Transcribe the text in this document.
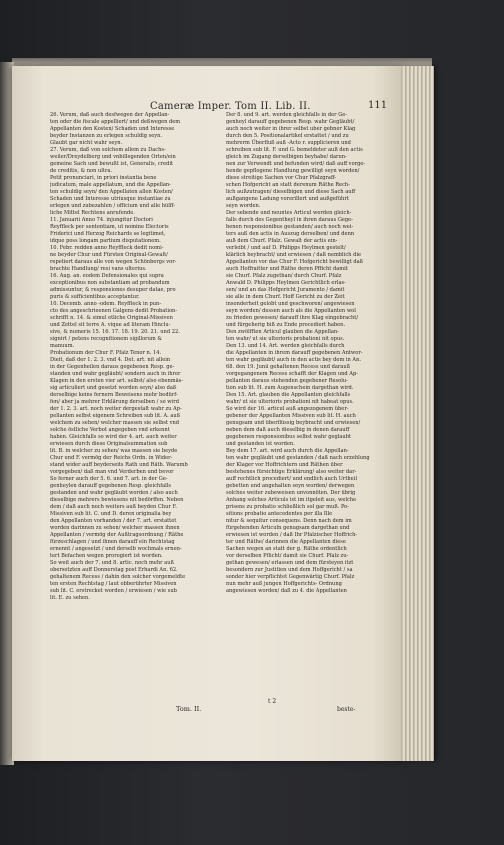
Cameræ Imper. Tom II. Lib. II.	111
26. Verum, daß auch desfwegen der Appellan-
ten oder die fiscale appelliert/ und deßwegen dem
Appellanten den Kosten/ Schaden und Interesse
beyder Instanzen zu erlegen schuldig seyn.
Glaubt gar nicht wahr seyn.
27. Verum, daß von solchem allem zu Dachs-
weiler/Dreydelberg und vnbillegenden Orten/ein
gemeine Sach und bewußt ist, Generalis, credit
de creditis, & non ultra.
Petit pronunciari, in priori instantia bene
judicatum, male appellatum, und die Appellan-
ten schuldig seyn/ den Appellaten allen Kosten/
Schaden und Interesse utriusque instantiae zu
erlegen und zubezahlen / officium und alle hülff-
liche Mittel Rechtens anrufende.
11. Januarii Anno 74. injungitur Doctori
Reyffleck per sententiam, ut nomine Electoris
Friderici und Herzog Reichards se legitimet,
idque poss longam partium disputationem.
10. Febr. redden anno Reyffleck dedit nomi-
ne beyder Chur und Fürsten Original-Gewalt/
repetiert daraus alle von wegen Schönbergs vor-
brachte Handlung/ resi vans ulterius.
16. Aug. an. eodem Defensionales qui supra
exceptionibus non substantiam ad probandum
admissuntur, & responsiones desuper datae, pro
puris & sufficientibus acceptantur.
10. Decemb. anno -odem. Reyffleck in pun-
cto des angeschrieenen Galgens dedit Probation-
schrifft n. 14. & simul etliche Original-Missiven
und Zettel sit terre A. vique ad literam Hinclu-
sive, & numeris 15. 16. 17. 18. 19. 20. 21. und 22.
signirt / petens recognitionem sigillorum &
manuum.
Probationum der Chur F. Pfalz Tenor n. 14.
Dieit, daß der 1. 2. 3. vnd 4. Det. art. nit allein
in der Gegenheilen daraus gegebenen Resp. ge-
standen und wahr gegläubt/ sondern auch in ihrer
Klagen in den ersten vier art. selbst/ also ebenmäs-
sig articuliert und gesetzt worden seyn/ also daß
derselbige keins fernern Beweisens mehr bedürf-
fen/ aber ja mehrer Erklärung derselben / so wird
der 1. 2. 3. art. noch weiter dergestalt wahr zu Ap-
pellanten selbst eigenem Schreiben sub lit. A. auß
welchem zu sehen/ welcher massen sie selbst vnd
solche östliche Verbot angegeben vnd erkennt
haben. Gleichfalls so wird der 4. art. auch weiter
erwiesen durch diese Originalsummation sub
lit. B. in welcher zu sehen/ was massen sie beyde
Chur und F. vermög der Reichs Ordn. in Wider-
stand wider auff beyderseits Rath und Räth. Warumb
vorgegeben/ daß man vnd Verderben und bevor
So ferner auch der 5. 6. und 7. art. in der Ge-
genheylen darauff gegebenen Resp. gleichfalls
gestanden und wahr gegläubt worden / also auch
dieselbige mehrers bewiesens nit bedörffen. Neben
dem / daß auch noch weiters auß beyden Chur F.
Missiven sub lit. C. und D. deren originalia bey
den Appellanten vorhanden / der 7. art. erstattet
worden darinnen zu sehen/ welcher massen ihnen
Appellanten / vermög der Außtragsordnung / Räthe
fürzeschlagen / und ihnen darauff ein Rechtstag
ernennt / angesetzt / und derselb wochmals ernen-
tert Befachen wegen prorogiert ist worden.
So weit auch der 7. und 8. artic. noch mehr auß
obersetzten auff Donnerstag post Erhardi An. 62.
gehaltenem Recess / dahin den solcher vorgemeldte
ten ersten Rechtstag / laut obberührter Missiven
sub lit. C. erstrecket worden / erwiesen / wie sub
lit. E. zu sehen.
Der 8. und 9. art. werden gleichfalls in der Ge-
genheyl darauff gegebenen Resp. wahr Gegläubt/
auch noch weiter in ihrer selbst uber gebner Klag
durch den 5. Positionalartikel erstattet / und zu
mehrerm Überfluß auß -Acto r. supplicieren und
schreiben sub lit. F. und G. bemeldeter auß den actis
gleich im Zugang derselbigen beyhabe/ darun-
nen zur Verwendt und befunden wird/ daß auff vorge-
hende gepflogene Handlung gewilligt seyn worden/
diese streitige Sachen vor Chur Pfalzgraff-
schen Hofgericht an statt derenum Räthe Rech-
lich außzutragen/ dieselbigen und diese Sach auff
außgangene Ladung vorerillert und außgeführt
seyn worden.
Der sebende und neuntes Articul werden gleich-
falls durch des Gegentheyl in ihren daraus Gege-
benen responsionibus gestanden/ auch noch wei-
ters auß den actis in Auszug derselben/ und denn
auß dem Churf. Pfalz. Gewalt der actis ein-
verleibt / und auf D. Philipps Heylmen gestelt/
klärlich beybracht/ und erwiesen / daß nemblich die
Appellanten vor das Chur F. Hofgericht bewilligt daß
auch Hoffraitter und Räthe deren Pfficht damit
sie Churf. Pfalz zugethan/ durch Churf. Pfalz
Anwald D. Philipps Heylmen Gerichtlich erlas-
sen/ und an das Hofgericht Juramento / damit
sie alle in dem Churf. Hoff Gericht zu der Zeit
insonderheit gelobt und geschworen/ angewiesen
seyn worden/ dessen auch als die Appellanten wol
zu frieden gewesen/ darauff ihre Klag eingebracht/
und fürgeherig biß zu Ende procediert haben.
Den zwölfften Articul glauben die Appellan-
ten wahr/ ut sie ulterioris probationi nit opus.
Den 13. und 14. Art. werden gleichfalls durch
die Appellanten in ihrem darauff gegebenen Antwor-
ten wahr gegläubt/ auch in den actis bey dem in An.
68. den 19. Junii gehaltenen Recess und darauß
vorgegangenem Recess schafft der Klagen und Ap-
pellanten daraus stehenden gegebener Resolu-
tion sub lit. H. zum Augenschein dargethan wird.
Den 15. Art. glauben die Appellanten gleichfalls
wahr/ ut sie ulterioris probationi nit habeat opus.
So wird der 16. articul auß angezogenem über-
gebener der Appellanten Missiven sub lit. H. auch
genugsam und überflüssig beybracht und erwiesen/
neben dem daß auch dieselbig in denen darauff
gegebenen responsionibus selbst wahr geglaubt
und gestanden ist worden.
Bey dem 17. art. wird auch durch die Appellan-
ten wahr gegläubt und gestanden / daß nach erzehlung
der Klager vor Hoffrichtern und Räthen über
bestehenes fürsichtige Erklärung/ also weiter dar-
auff rechtlich procediert/ und endlich auch Urtheil
gebetten und angehalten seyn worden/ derwegen
solches weiter zubeweisen unvonnöten. Der übrig
Anhang solches Articuls ist im itgeleit aus, welche
prisens zu probatio schließlich sol gar muß. Po-
sitions probatio antecedentes per illa Ille
nitur & sequitur consequens. Denn nach dem im
fürgehenden Articuln genugsam dargethan und
erwiesen ist worden / daß Ihr Pfalzischer Hoffrich-
ter und Räthe/ darinnen die Appellanten diese
Sachen wegen an statt der g. Räthe ordentlich
vor derselben Pflicht/ damit sie Churf. Pfalz zu-
gethan gewesen/ erlassen und dem fürsteyen itzt
besondern zur Justitien und dem Hoffgericht / sa
sonder hier verpflichtet Gegenwärtig Churf. Pfalz
nun mehr auß jungen Hoffgerichts- Ordnung
angewiesen worden/ daß zu 4. die Appellanten
Tom. II.
t 2
beste-
